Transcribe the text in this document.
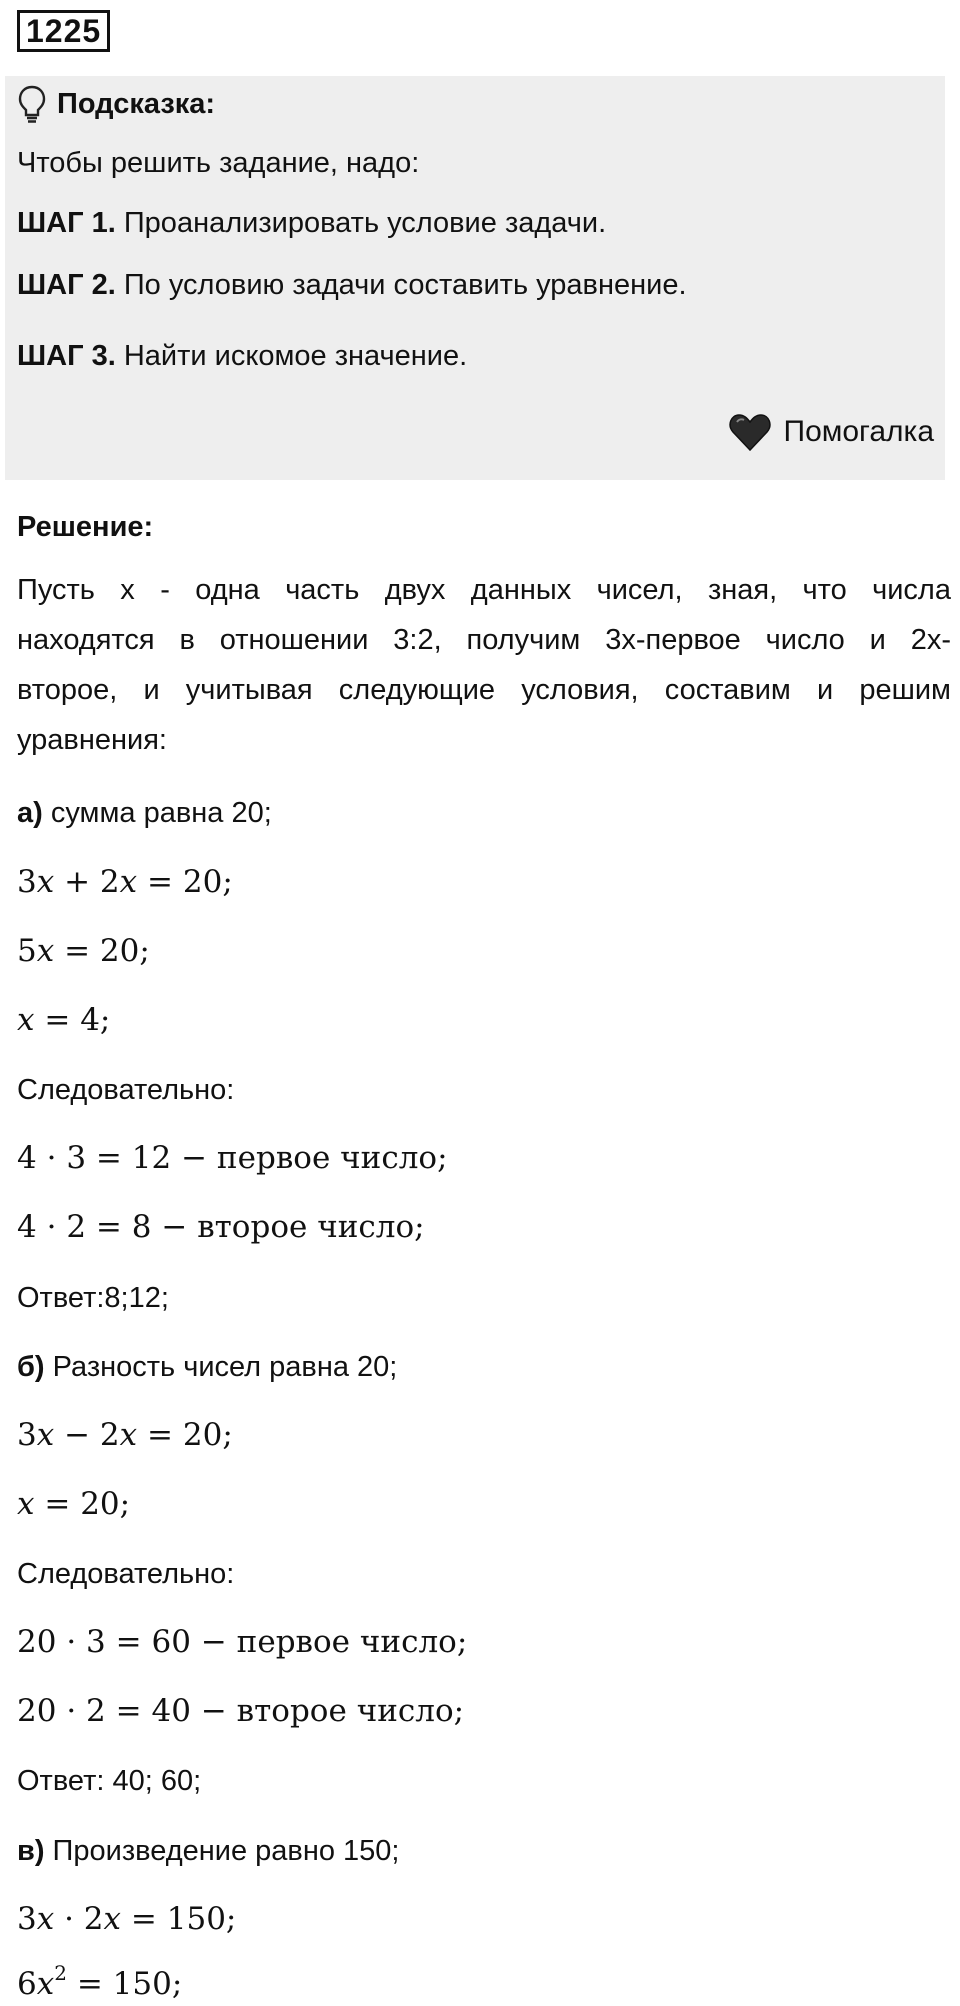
1225
Подсказка:
Чтобы решить задание, надо:
ШАГ 1. Проанализировать условие задачи.
ШАГ 2. По условию задачи составить уравнение.
ШАГ 3. Найти искомое значение.
Помогалка
Решение:
Пусть х - одна часть двух данных чисел, зная, что числа
находятся в отношении 3:2, получим 3х-первое число и 2х-
второе, и учитывая следующие условия, составим и решим
уравнения:
а) сумма равна 20;
3x + 2x = 20;
5x = 20;
x = 4;
Следовательно:
4 · 3 = 12 − первое число;
4 · 2 = 8 − второе число;
Ответ:8;12;
б) Разность чисел равна 20;
3x − 2x = 20;
x = 20;
Следовательно:
20 · 3 = 60 − первое число;
20 · 2 = 40 − второе число;
Ответ: 40; 60;
в) Произведение равно 150;
3x · 2x = 150;
$6x^2 = 150$;
